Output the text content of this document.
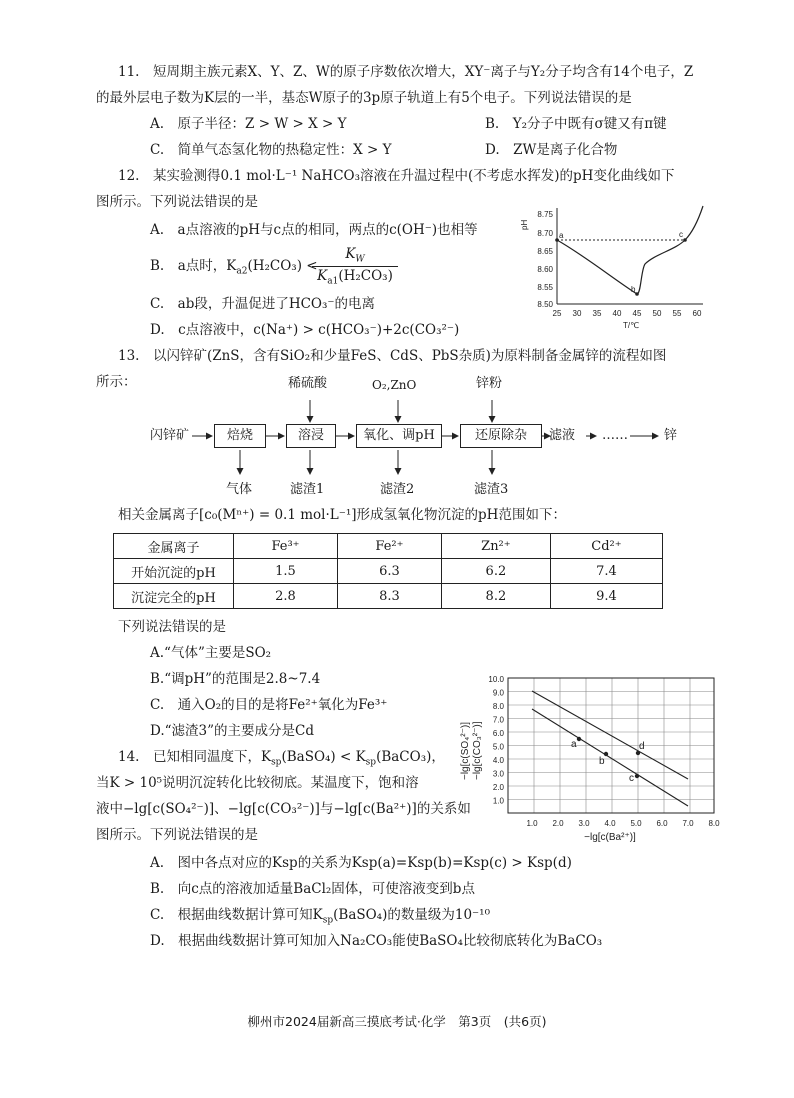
11.　短周期主族元素X、Y、Z、W的原子序数依次增大，XY⁻离子与Y₂分子均含有14个电子，Z
的最外层电子数为K层的一半，基态W原子的3p原子轨道上有5个电子。下列说法错误的是
A.　原子半径：Z > W > X > Y	B.　Y₂分子中既有σ键又有π键
C.　简单气态氢化物的热稳定性：X > Y	D.　ZW是离子化合物
12.　某实验测得0.1 mol·L⁻¹ NaHCO₃溶液在升温过程中(不考虑水挥发)的pH变化曲线如下
图所示。下列说法错误的是
A.　a点溶液的pH与c点的相同，两点的c(OH⁻)也相等
B.　a点时，$K_{a2}(H_2CO_3)$ <
$\frac{K_W}{K_{a1}(H_2CO_3)}$
C.　ab段，升温促进了HCO₃⁻的电离
D.　c点溶液中，c(Na⁺) > c(HCO₃⁻)+2c(CO₃²⁻)
pH
8.75
8.70
8.65
8.60
8.55
8.50
25 30 35 40 45 50 55 60
T/℃
a
b
c
13.　以闪锌矿(ZnS，含有SiO₂和少量FeS、CdS、PbS杂质)为原料制备金属锌的流程如图
所示：
闪锌矿	焙烧	溶浸	氧化、调pH	还原除杂	滤液 ……	锌
稀硫酸	O₂,ZnO	锌粉
气体	滤渣1	滤渣2	滤渣3
相关金属离子[c₀(Mⁿ⁺) = 0.1 mol·L⁻¹]形成氢氧化物沉淀的pH范围如下：
金属离子	Fe³⁺	Fe²⁺	Zn²⁺	Cd²⁺
开始沉淀的pH	1.5	6.3	6.2	7.4
沉淀完全的pH	2.8	8.3	8.2	9.4
下列说法错误的是
A.“气体”主要是SO₂
B.“调pH”的范围是2.8~7.4
C.　通入O₂的目的是将Fe²⁺氧化为Fe³⁺
D.“滤渣3”的主要成分是Cd
14.　已知相同温度下，$K_{sp}(BaSO_4)$ < $K_{sp}(BaCO_3)$，
当K > 10⁵说明沉淀转化比较彻底。某温度下，饱和溶
液中−lg[c(SO₄²⁻)]、−lg[c(CO₃²⁻)]与−lg[c(Ba²⁺)]的关系如
图所示。下列说法错误的是
A.　图中各点对应的Ksp的关系为Ksp(a)=Ksp(b)=Ksp(c) > Ksp(d)
B.　向c点的溶液加适量BaCl₂固体，可使溶液变到b点
C.　根据曲线数据计算可知$K_{sp}(BaSO_4)$的数量级为10⁻¹⁰
D.　根据曲线数据计算可知加入Na₂CO₃能使BaSO₄比较彻底转化为BaCO₃
−lg[c(SO₄²⁻)] −lg[c(CO₃²⁻)]
10.0
9.0
8.0
7.0
6.0
5.0
4.0
3.0
2.0
1.0
1.0 2.0 3.0 4.0 5.0 6.0 7.0 8.0
−lg[c(Ba²⁺)]
a
b
c
d
柳州市2024届新高三摸底考试·化学　第3页　(共6页)
